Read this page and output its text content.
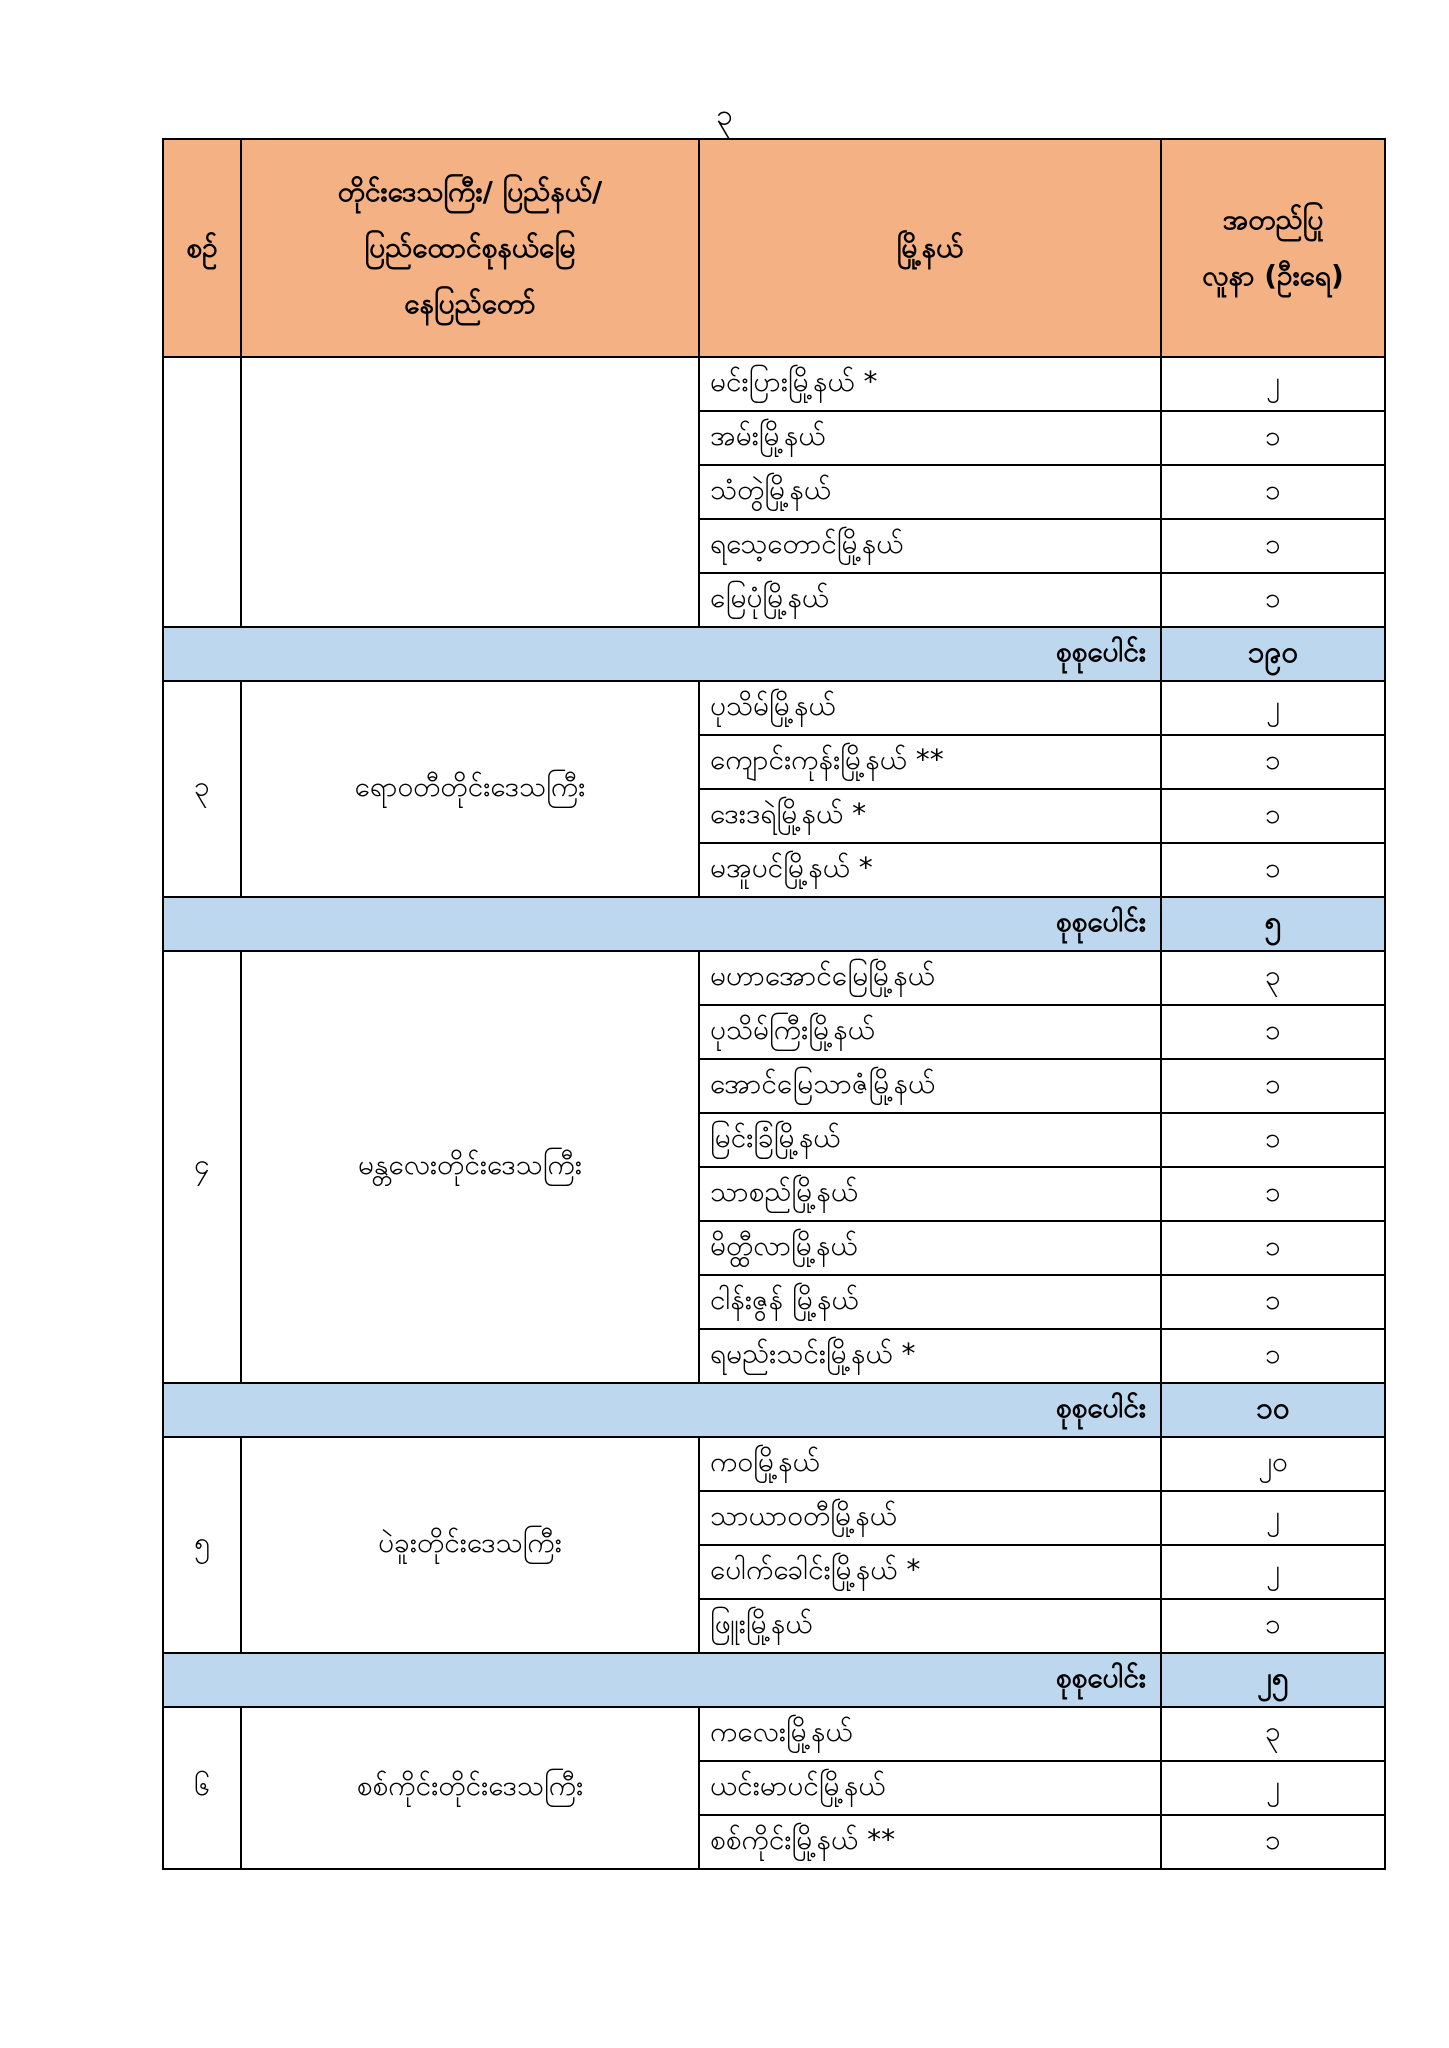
၃
စဉ်	တိုင်းဒေသကြီး/ ပြည်နယ်/
ပြည်ထောင်စုနယ်မြေ
နေပြည်တော်	မြို့နယ်	အတည်ပြု
လူနာ (ဦးရေ)

		မင်းပြားမြို့နယ် *	၂
		အမ်းမြို့နယ်	၁
		သံတွဲမြို့နယ်	၁
		ရသေ့တောင်မြို့နယ်	၁
		မြေပုံမြို့နယ်	၁
စုစုပေါင်း			၁၉၀
၃	ရောဝတီတိုင်းဒေသကြီး	ပုသိမ်မြို့နယ်	၂
		ကျောင်းကုန်းမြို့နယ် **	၁
		ဒေးဒရဲမြို့နယ် *	၁
		မအူပင်မြို့နယ် *	၁
စုစုပေါင်း			၅
၄	မန္တလေးတိုင်းဒေသကြီး	မဟာအောင်မြေမြို့နယ်	၃
		ပုသိမ်ကြီးမြို့နယ်	၁
		အောင်မြေသာဇံမြို့နယ်	၁
		မြင်းခြံမြို့နယ်	၁
		သာစည်မြို့နယ်	၁
		မိတ္ထီလာမြို့နယ်	၁
		ငါန်းဇွန် မြို့နယ်	၁
		ရမည်းသင်းမြို့နယ် *	၁
စုစုပေါင်း			၁၀
၅	ပဲခူးတိုင်းဒေသကြီး	ကဝမြို့နယ်	၂၀
		သာယာဝတီမြို့နယ်	၂
		ပေါက်ခေါင်းမြို့နယ် *	၂
		ဖြူးမြို့နယ်	၁
စုစုပေါင်း			၂၅
၆	စစ်ကိုင်းတိုင်းဒေသကြီး	ကလေးမြို့နယ်	၃
		ယင်းမာပင်မြို့နယ်	၂
		စစ်ကိုင်းမြို့နယ် **	၁
